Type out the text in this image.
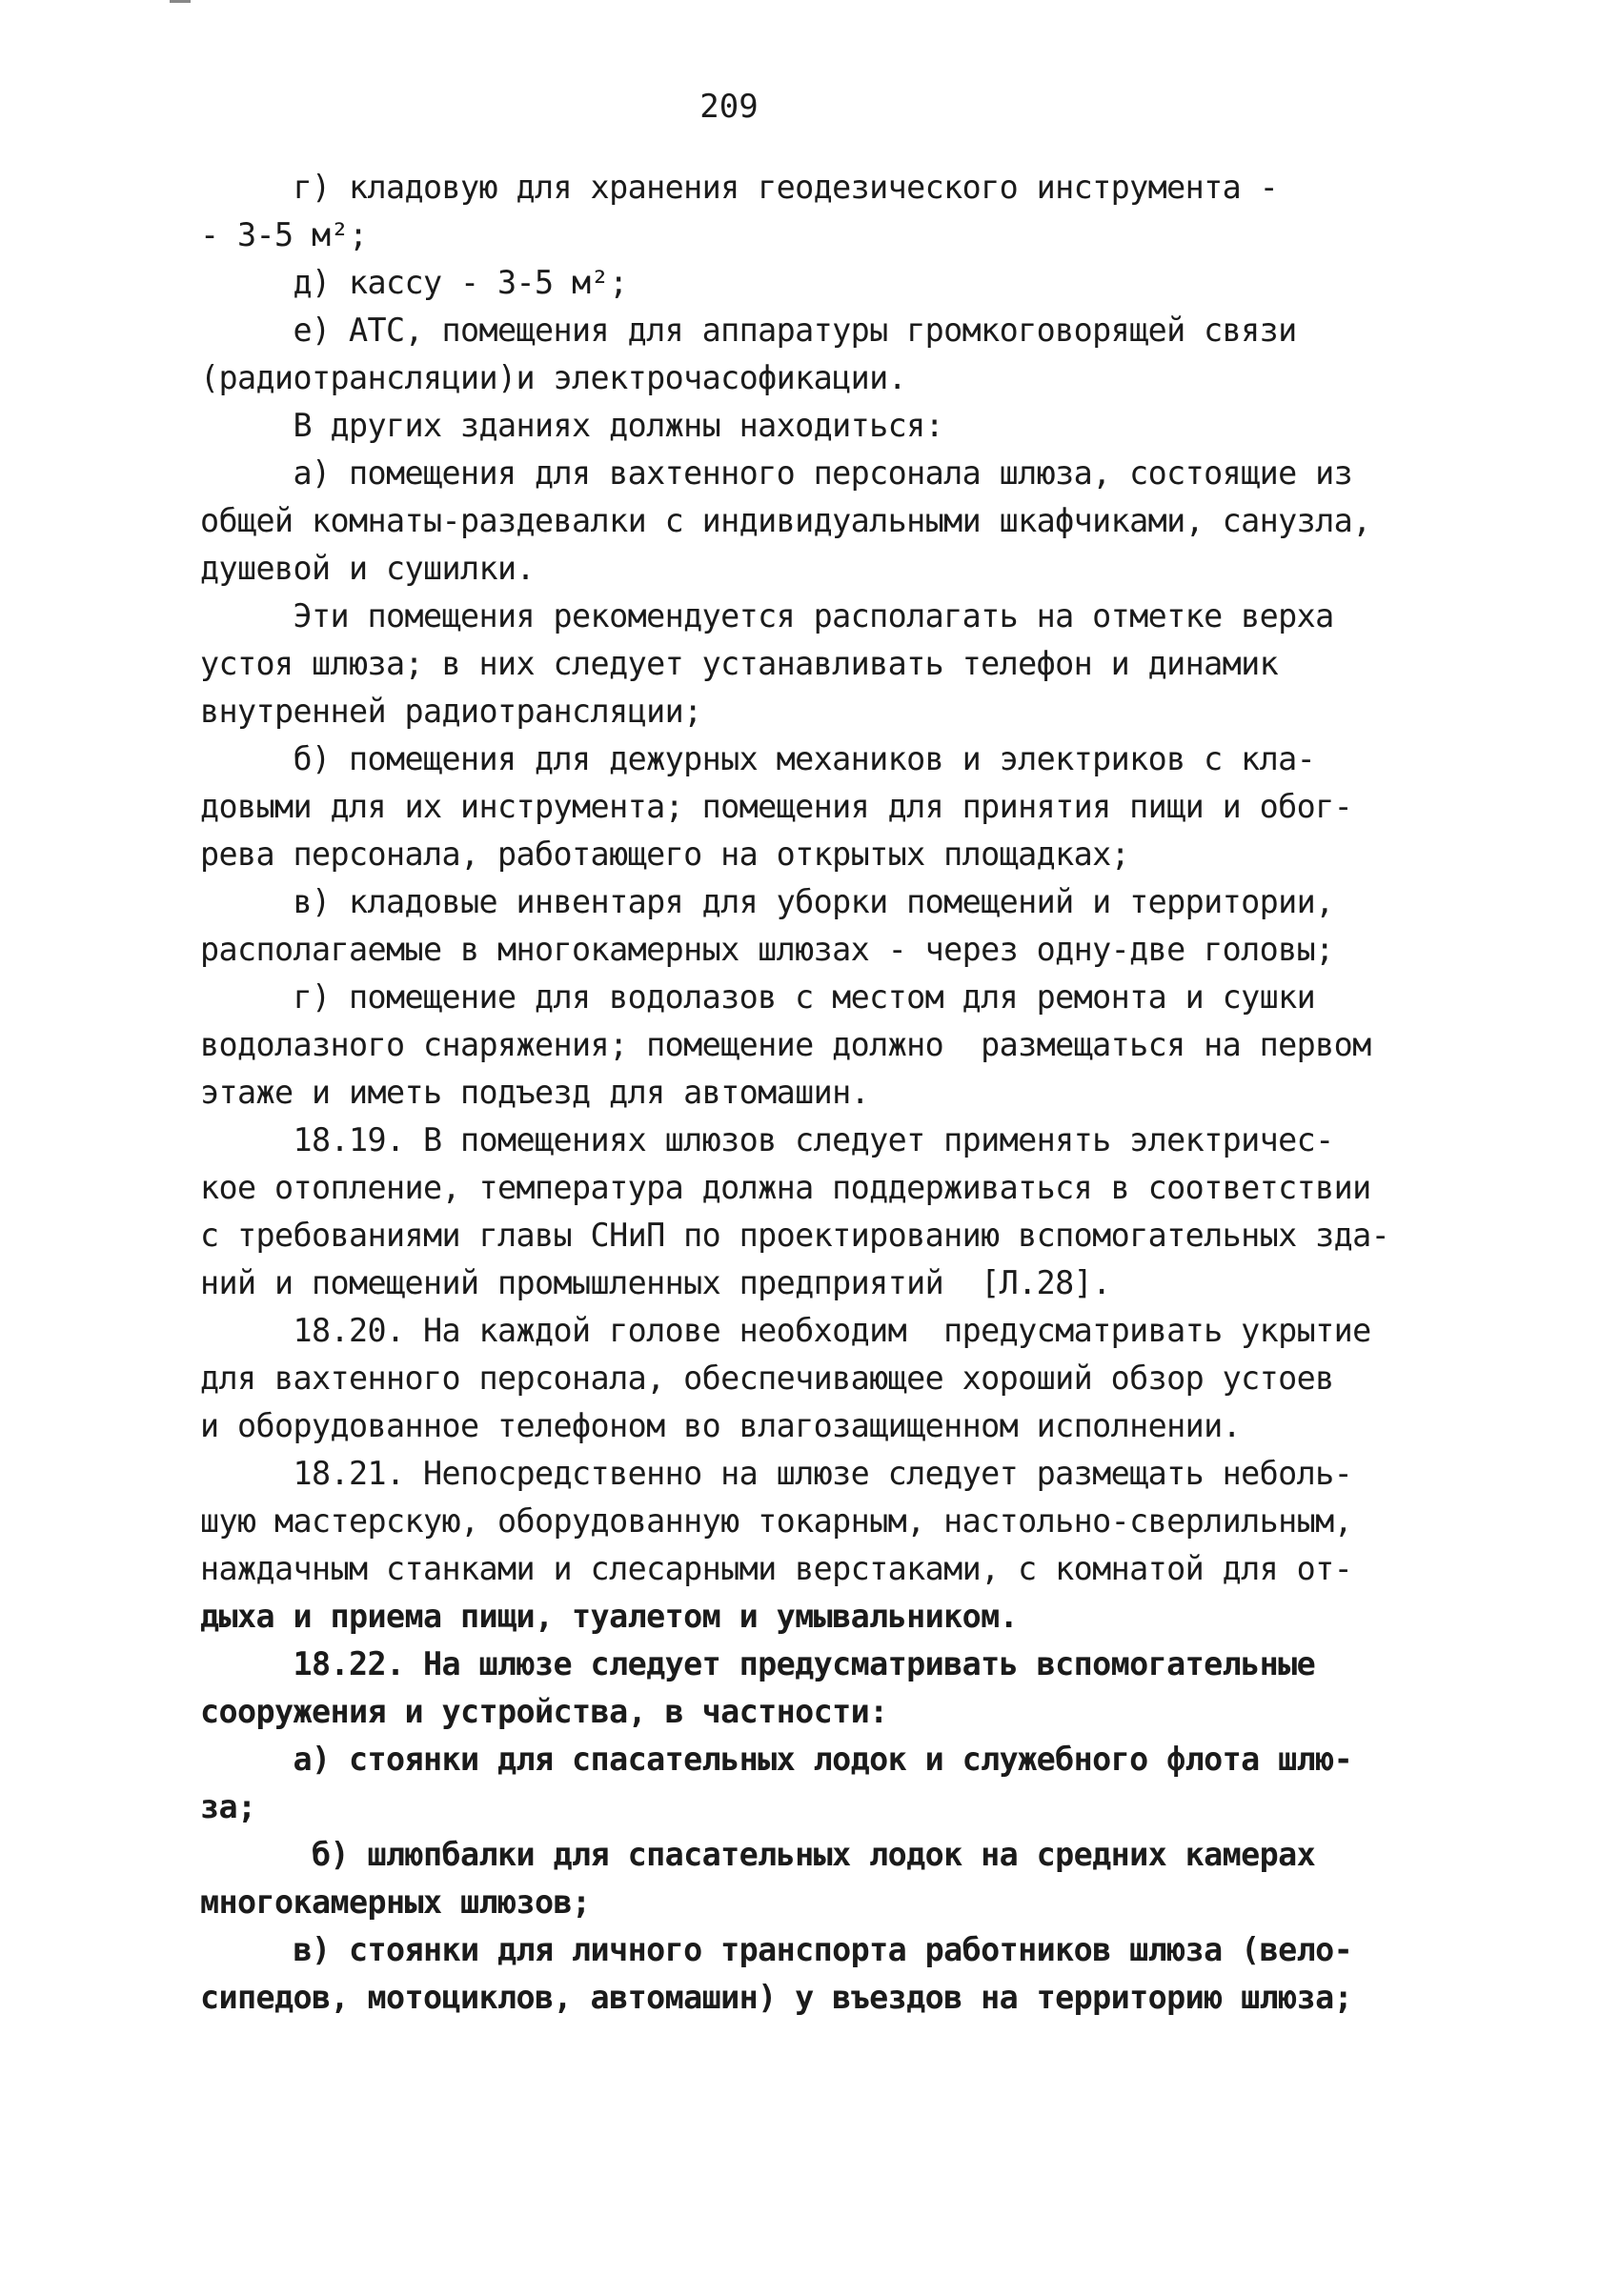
209
г) кладовую для хранения геодезического инструмента -
- 3-5 м²;
д) кассу - 3-5 м²;
е) АТС, помещения для аппаратуры громкоговорящей связи
(радиотрансляции)и электрочасофикации.
В других зданиях должны находиться:
а) помещения для вахтенного персонала шлюза, состоящие из
общей комнаты-раздевалки с индивидуальными шкафчиками, санузла,
душевой и сушилки.
Эти помещения рекомендуется располагать на отметке верха
устоя шлюза; в них следует устанавливать телефон и динамик
внутренней радиотрансляции;
б) помещения для дежурных механиков и электриков с кла-
довыми для их инструмента; помещения для принятия пищи и обог-
рева персонала, работающего на открытых площадках;
в) кладовые инвентаря для уборки помещений и территории,
располагаемые в многокамерных шлюзах - через одну-две головы;
г) помещение для водолазов с местом для ремонта и сушки
водолазного снаряжения; помещение должно  размещаться на первом
этаже и иметь подъезд для автомашин.
18.19. В помещениях шлюзов следует применять электричес-
кое отопление, температура должна поддерживаться в соответствии
с требованиями главы СНиП по проектированию вспомогательных зда-
ний и помещений промышленных предприятий  [Л.28].
18.20. На каждой голове необходим  предусматривать укрытие
для вахтенного персонала, обеспечивающее хороший обзор устоев
и оборудованное телефоном во влагозащищенном исполнении.
18.21. Непосредственно на шлюзе следует размещать неболь-
шую мастерскую, оборудованную токарным, настольно-сверлильным,
наждачным станками и слесарными верстаками, с комнатой для от-
дыха и приема пищи, туалетом и умывальником.
18.22. На шлюзе следует предусматривать вспомогательные
сооружения и устройства, в частности:
а) стоянки для спасательных лодок и служебного флота шлю-
за;
б) шлюпбалки для спасательных лодок на средних камерах
многокамерных шлюзов;
в) стоянки для личного транспорта работников шлюза (вело-
сипедов, мотоциклов, автомашин) у въездов на территорию шлюза;
